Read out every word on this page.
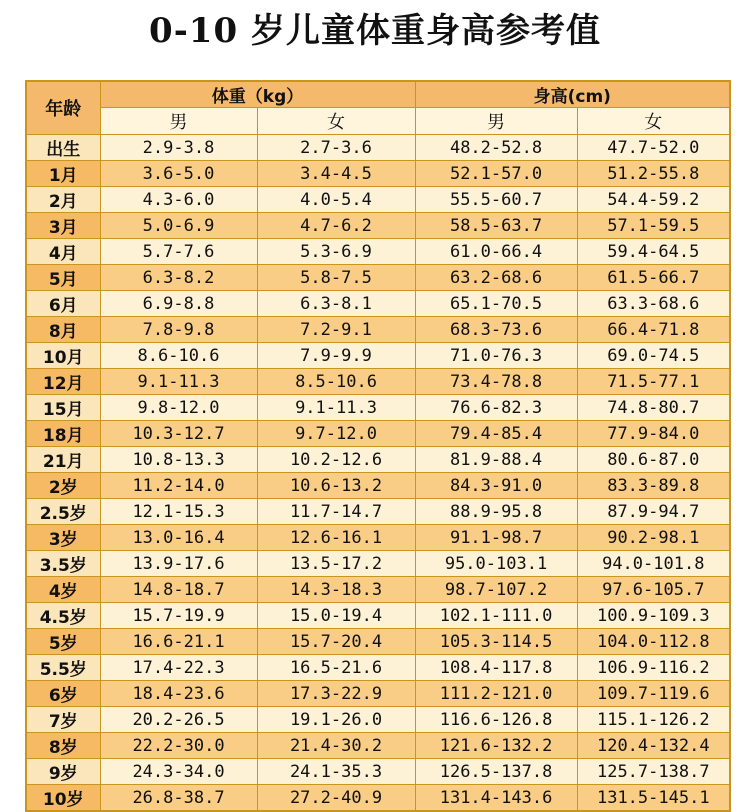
0-10 岁儿童体重身高参考值
年龄	体重（kg）		身高(cm)	
	男	女	男	女
出生	2.9-3.8	2.7-3.6	48.2-52.8	47.7-52.0
1月	3.6-5.0	3.4-4.5	52.1-57.0	51.2-55.8
2月	4.3-6.0	4.0-5.4	55.5-60.7	54.4-59.2
3月	5.0-6.9	4.7-6.2	58.5-63.7	57.1-59.5
4月	5.7-7.6	5.3-6.9	61.0-66.4	59.4-64.5
5月	6.3-8.2	5.8-7.5	63.2-68.6	61.5-66.7
6月	6.9-8.8	6.3-8.1	65.1-70.5	63.3-68.6
8月	7.8-9.8	7.2-9.1	68.3-73.6	66.4-71.8
10月	8.6-10.6	7.9-9.9	71.0-76.3	69.0-74.5
12月	9.1-11.3	8.5-10.6	73.4-78.8	71.5-77.1
15月	9.8-12.0	9.1-11.3	76.6-82.3	74.8-80.7
18月	10.3-12.7	9.7-12.0	79.4-85.4	77.9-84.0
21月	10.8-13.3	10.2-12.6	81.9-88.4	80.6-87.0
2岁	11.2-14.0	10.6-13.2	84.3-91.0	83.3-89.8
2.5岁	12.1-15.3	11.7-14.7	88.9-95.8	87.9-94.7
3岁	13.0-16.4	12.6-16.1	91.1-98.7	90.2-98.1
3.5岁	13.9-17.6	13.5-17.2	95.0-103.1	94.0-101.8
4岁	14.8-18.7	14.3-18.3	98.7-107.2	97.6-105.7
4.5岁	15.7-19.9	15.0-19.4	102.1-111.0	100.9-109.3
5岁	16.6-21.1	15.7-20.4	105.3-114.5	104.0-112.8
5.5岁	17.4-22.3	16.5-21.6	108.4-117.8	106.9-116.2
6岁	18.4-23.6	17.3-22.9	111.2-121.0	109.7-119.6
7岁	20.2-26.5	19.1-26.0	116.6-126.8	115.1-126.2
8岁	22.2-30.0	21.4-30.2	121.6-132.2	120.4-132.4
9岁	24.3-34.0	24.1-35.3	126.5-137.8	125.7-138.7
10岁	26.8-38.7	27.2-40.9	131.4-143.6	131.5-145.1
